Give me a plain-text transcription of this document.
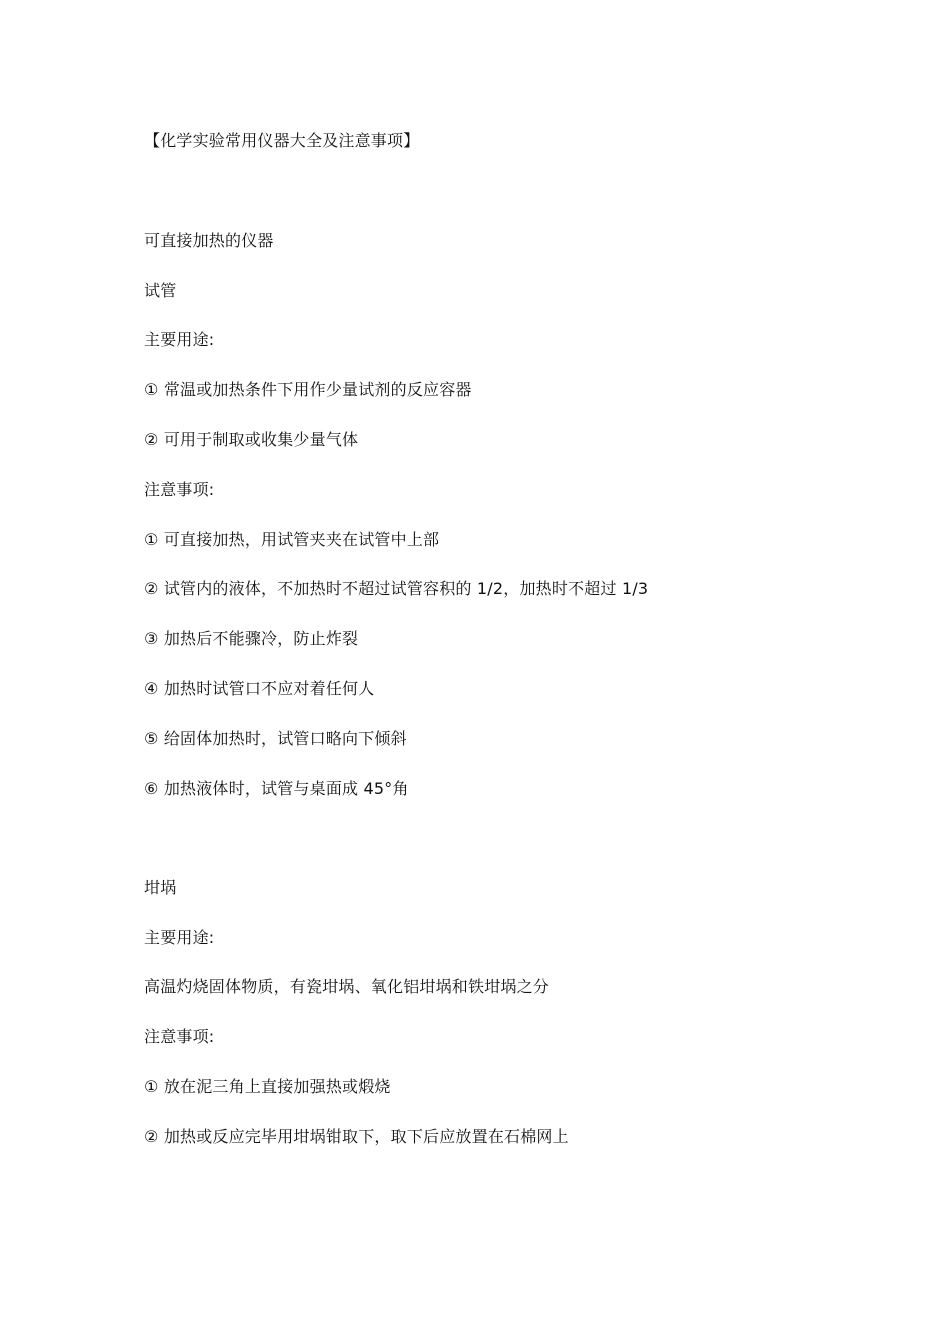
【化学实验常用仪器大全及注意事项】
可直接加热的仪器
试管
主要用途:
① 常温或加热条件下用作少量试剂的反应容器
② 可用于制取或收集少量气体
注意事项:
① 可直接加热，用试管夹夹在试管中上部
② 试管内的液体，不加热时不超过试管容积的 1/2，加热时不超过 1/3
③ 加热后不能骤冷，防止炸裂
④ 加热时试管口不应对着任何人
⑤ 给固体加热时，试管口略向下倾斜
⑥ 加热液体时，试管与桌面成 45°角
坩埚
主要用途:
高温灼烧固体物质，有瓷坩埚、氧化铝坩埚和铁坩埚之分
注意事项:
① 放在泥三角上直接加强热或煅烧
② 加热或反应完毕用坩埚钳取下，取下后应放置在石棉网上
